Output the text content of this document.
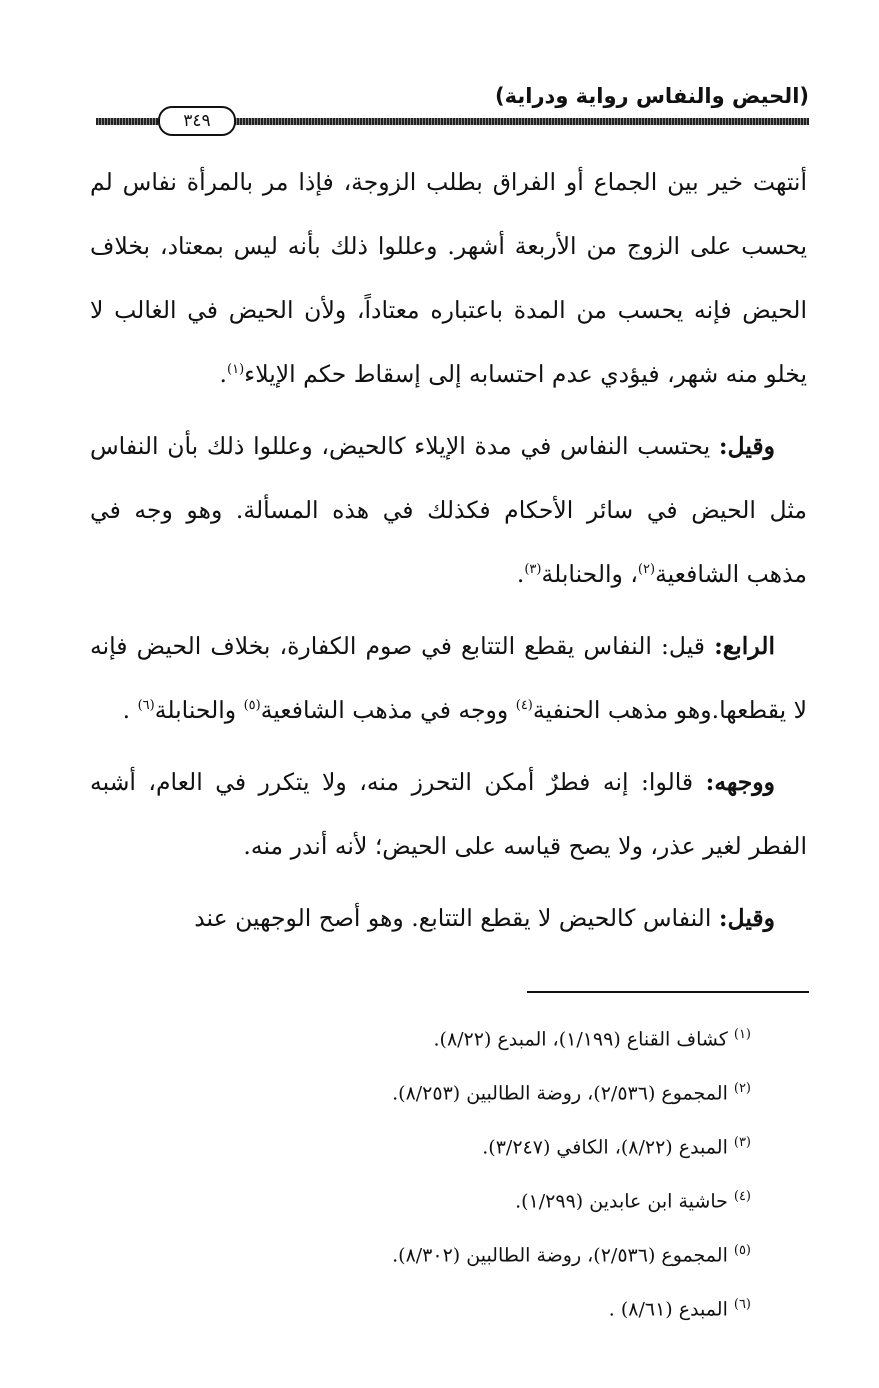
(الحيض والنفاس رواية ودراية)
٣٤٩

أنتهت خير بين الجماع أو الفراق بطلب الزوجة، فإذا مر بالمرأة نفاس لم يحسب على الزوج من الأربعة أشهر. وعللوا ذلك بأنه ليس بمعتاد، بخلاف الحيض فإنه يحسب من المدة باعتباره معتاداً، ولأن الحيض في الغالب لا يخلو منه شهر، فيؤدي عدم احتسابه إلى إسقاط حكم الإيلاء$^{(١)}$.

وقيل: يحتسب النفاس في مدة الإيلاء كالحيض، وعللوا ذلك بأن النفاس مثل الحيض في سائر الأحكام فكذلك في هذه المسألة. وهو وجه في مذهب الشافعية$^{(٢)}$، والحنابلة$^{(٣)}$.

الرابع: قيل: النفاس يقطع التتابع في صوم الكفارة، بخلاف الحيض فإنه لا يقطعها.وهو مذهب الحنفية$^{(٤)}$ ووجه في مذهب الشافعية$^{(٥)}$ والحنابلة$^{(٦)}$ .

ووجهه: قالوا: إنه فطرٌ أمكن التحرز منه، ولا يتكرر في العام، أشبه الفطر لغير عذر، ولا يصح قياسه على الحيض؛ لأنه أندر منه.

وقيل: النفاس كالحيض لا يقطع التتابع. وهو أصح الوجهين عند

$^{(١)}$كشاف القناع (١/١٩٩)، المبدع (٨/٢٢).
$^{(٢)}$المجموع (٢/٥٣٦)، روضة الطالبين (٨/٢٥٣).
$^{(٣)}$المبدع (٨/٢٢)، الكافي (٣/٢٤٧).
$^{(٤)}$حاشية ابن عابدين (١/٢٩٩).
$^{(٥)}$المجموع (٢/٥٣٦)، روضة الطالبين (٨/٣٠٢).
$^{(٦)}$المبدع (٨/٦١) .
